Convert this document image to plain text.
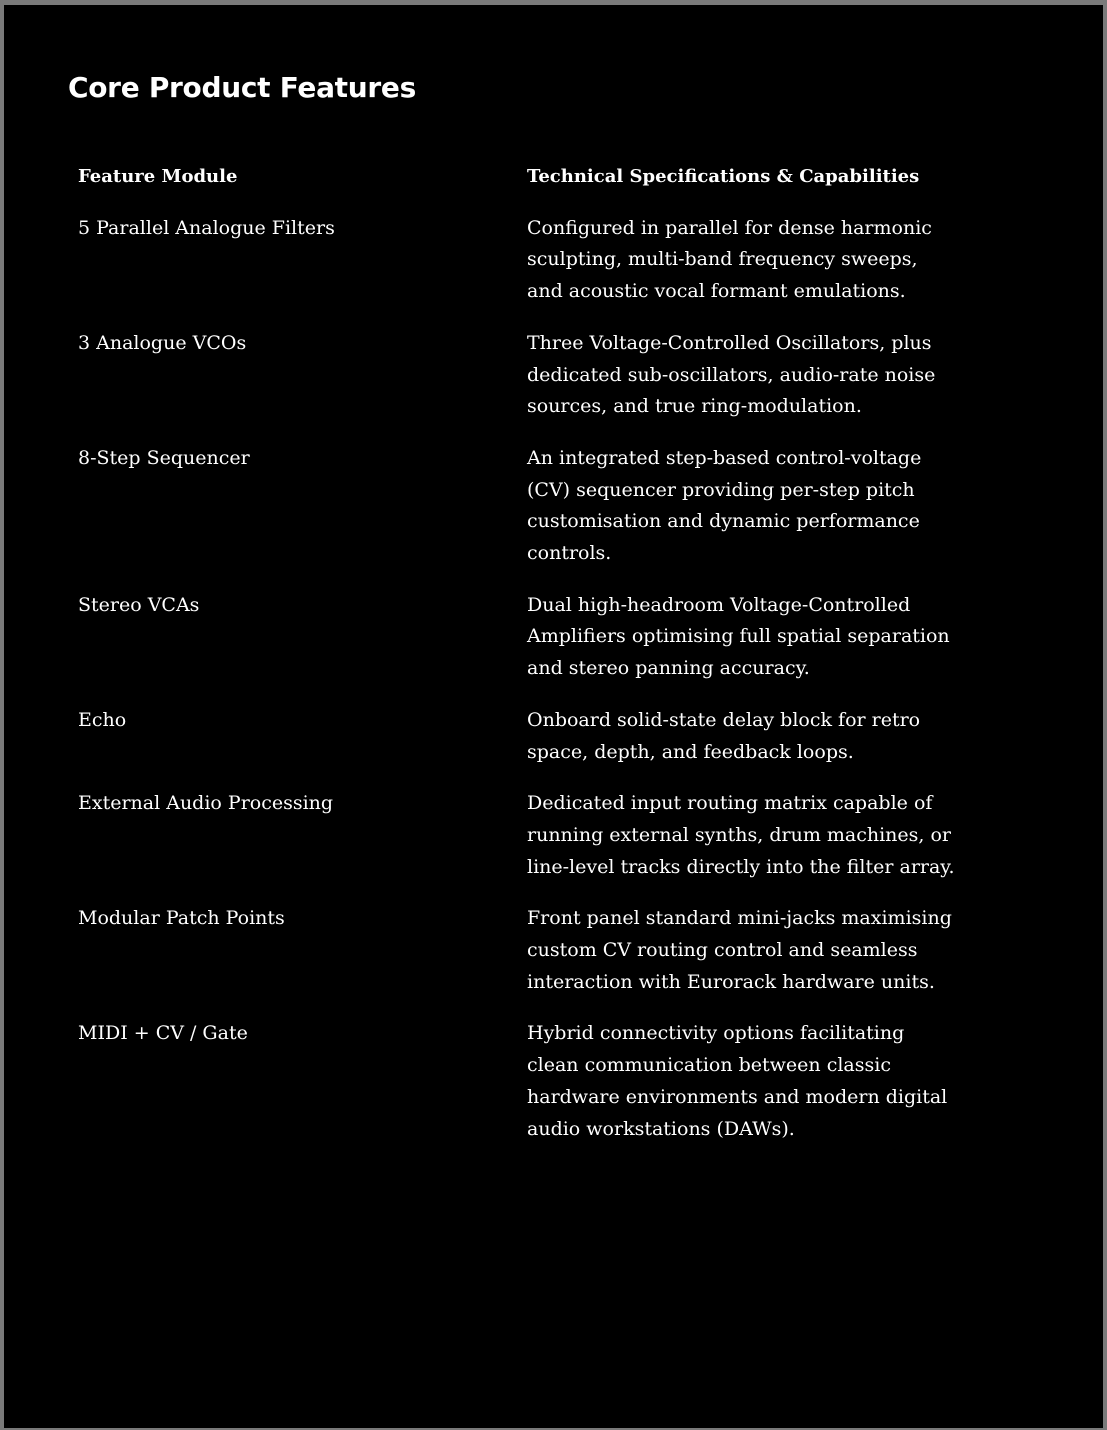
Core Product Features
Feature Module	Technical Specifications & Capabilities
5 Parallel Analogue Filters	Configured in parallel for dense harmonic sculpting, multi-band frequency sweeps, and acoustic vocal formant emulations.
3 Analogue VCOs	Three Voltage-Controlled Oscillators, plus dedicated sub-oscillators, audio-rate noise sources, and true ring-modulation.
8-Step Sequencer	An integrated step-based control-voltage (CV) sequencer providing per-step pitch customisation and dynamic performance controls.
Stereo VCAs	Dual high-headroom Voltage-Controlled Amplifiers optimising full spatial separation and stereo panning accuracy.
Echo	Onboard solid-state delay block for retro space, depth, and feedback loops.
External Audio Processing	Dedicated input routing matrix capable of running external synths, drum machines, or line-level tracks directly into the filter array.
Modular Patch Points	Front panel standard mini-jacks maximising custom CV routing control and seamless interaction with Eurorack hardware units.
MIDI + CV / Gate	Hybrid connectivity options facilitating clean communication between classic hardware environments and modern digital audio workstations (DAWs).
